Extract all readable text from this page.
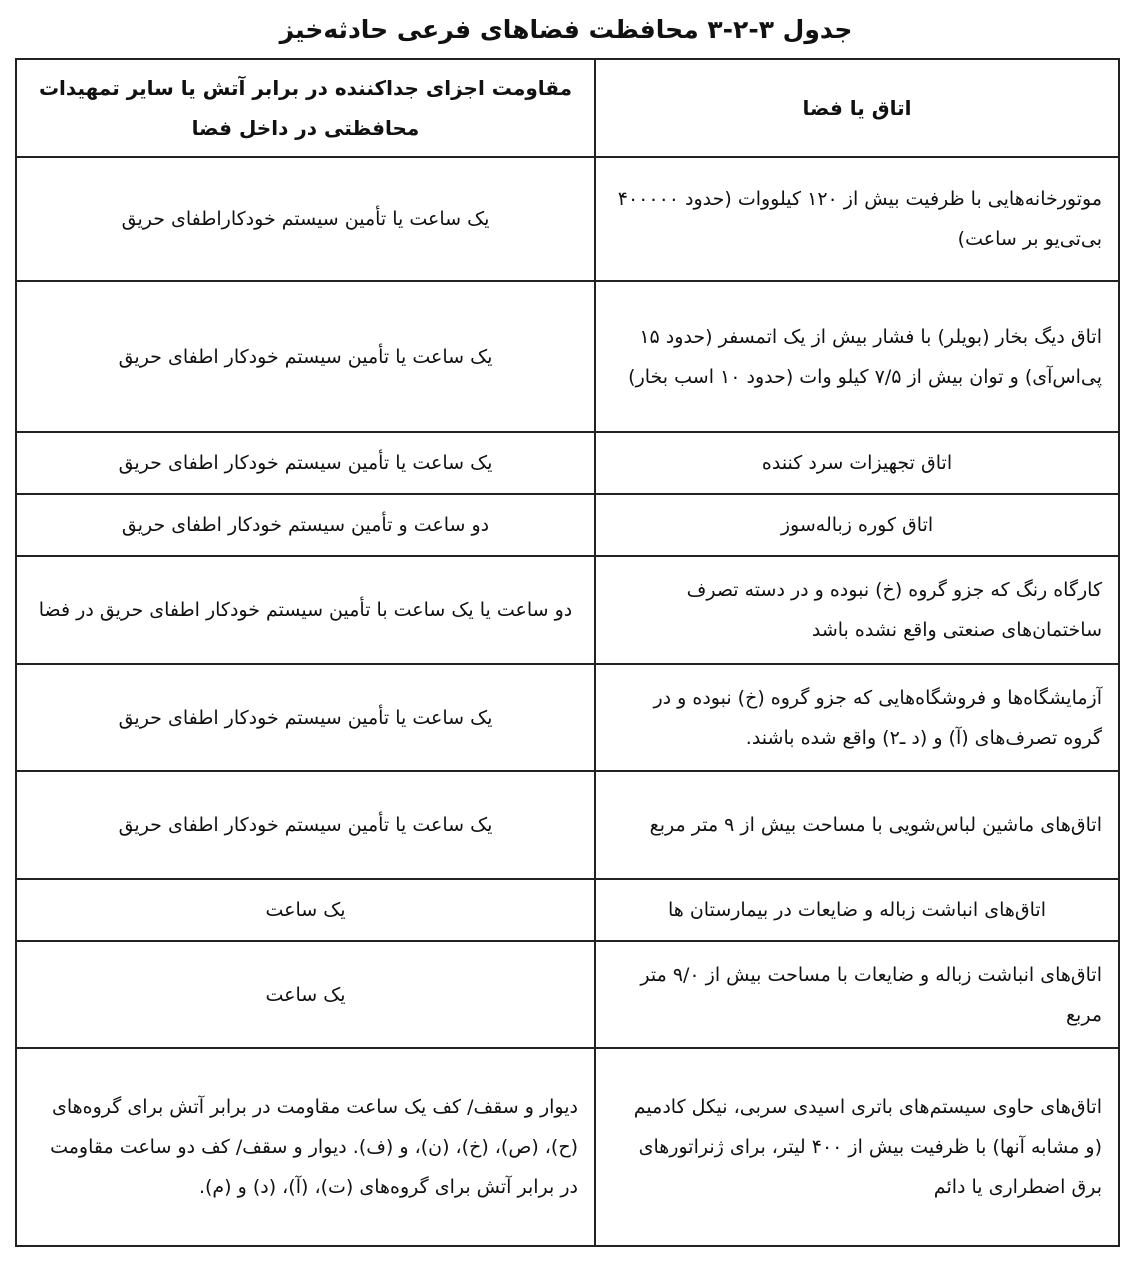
جدول ۳-۲-۳ محافظت فضاهای فرعی حادثه‌خیز
اتاق یا فضا	مقاومت اجزای جداکننده در برابر آتش یا سایر تمهیدات محافظتی در داخل فضا
موتورخانه‌هایی با ظرفیت بیش از ۱۲۰ کیلووات (حدود ۴۰۰۰۰۰ بی‌تی‌یو بر ساعت)	یک ساعت یا تأمین سیستم خودکاراطفای حریق
اتاق دیگ بخار (بویلر) با فشار بیش از یک اتمسفر (حدود ۱۵ پی‌اس‌آی) و توان بیش از ۷/۵ کیلو وات (حدود ۱۰ اسب بخار)	یک ساعت یا تأمین سیستم خودکار اطفای حریق
اتاق تجهیزات سرد کننده	یک ساعت یا تأمین سیستم خودکار اطفای حریق
اتاق کوره زباله‌سوز	دو ساعت و تأمین سیستم خودکار اطفای حریق
کارگاه رنگ که جزو گروه (خ) نبوده و در دسته تصرف ساختمان‌های صنعتی واقع نشده باشد	دو ساعت یا یک ساعت با تأمین سیستم خودکار اطفای حریق در فضا
آزمایشگاه‌ها و فروشگاه‌هایی که جزو گروه (خ) نبوده و در گروه تصرف‌های (آ) و (د ـ۲) واقع شده باشند.	یک ساعت یا تأمین سیستم خودکار اطفای حریق
اتاق‌های ماشین لباس‌شویی با مساحت بیش از ۹ متر مربع	یک ساعت یا تأمین سیستم خودکار اطفای حریق
اتاق‌های انباشت زباله و ضایعات در بیمارستان ها	یک ساعت
اتاق‌های انباشت زباله و ضایعات با مساحت بیش از ۹/۰ متر مربع	یک ساعت
اتاق‌های حاوی سیستم‌های باتری اسیدی سربی، نیکل کادمیم (و مشابه آنها) با ظرفیت بیش از ۴۰۰ لیتر، برای ژنراتورهای برق اضطراری یا دائم	دیوار و سقف/ کف یک ساعت مقاومت در برابر آتش برای گروه‌های (ح)، (ص)، (خ)، (ن)، و (ف). دیوار و سقف/ کف دو ساعت مقاومت در برابر آتش برای گروه‌های (ت)، (آ)، (د) و (م).
